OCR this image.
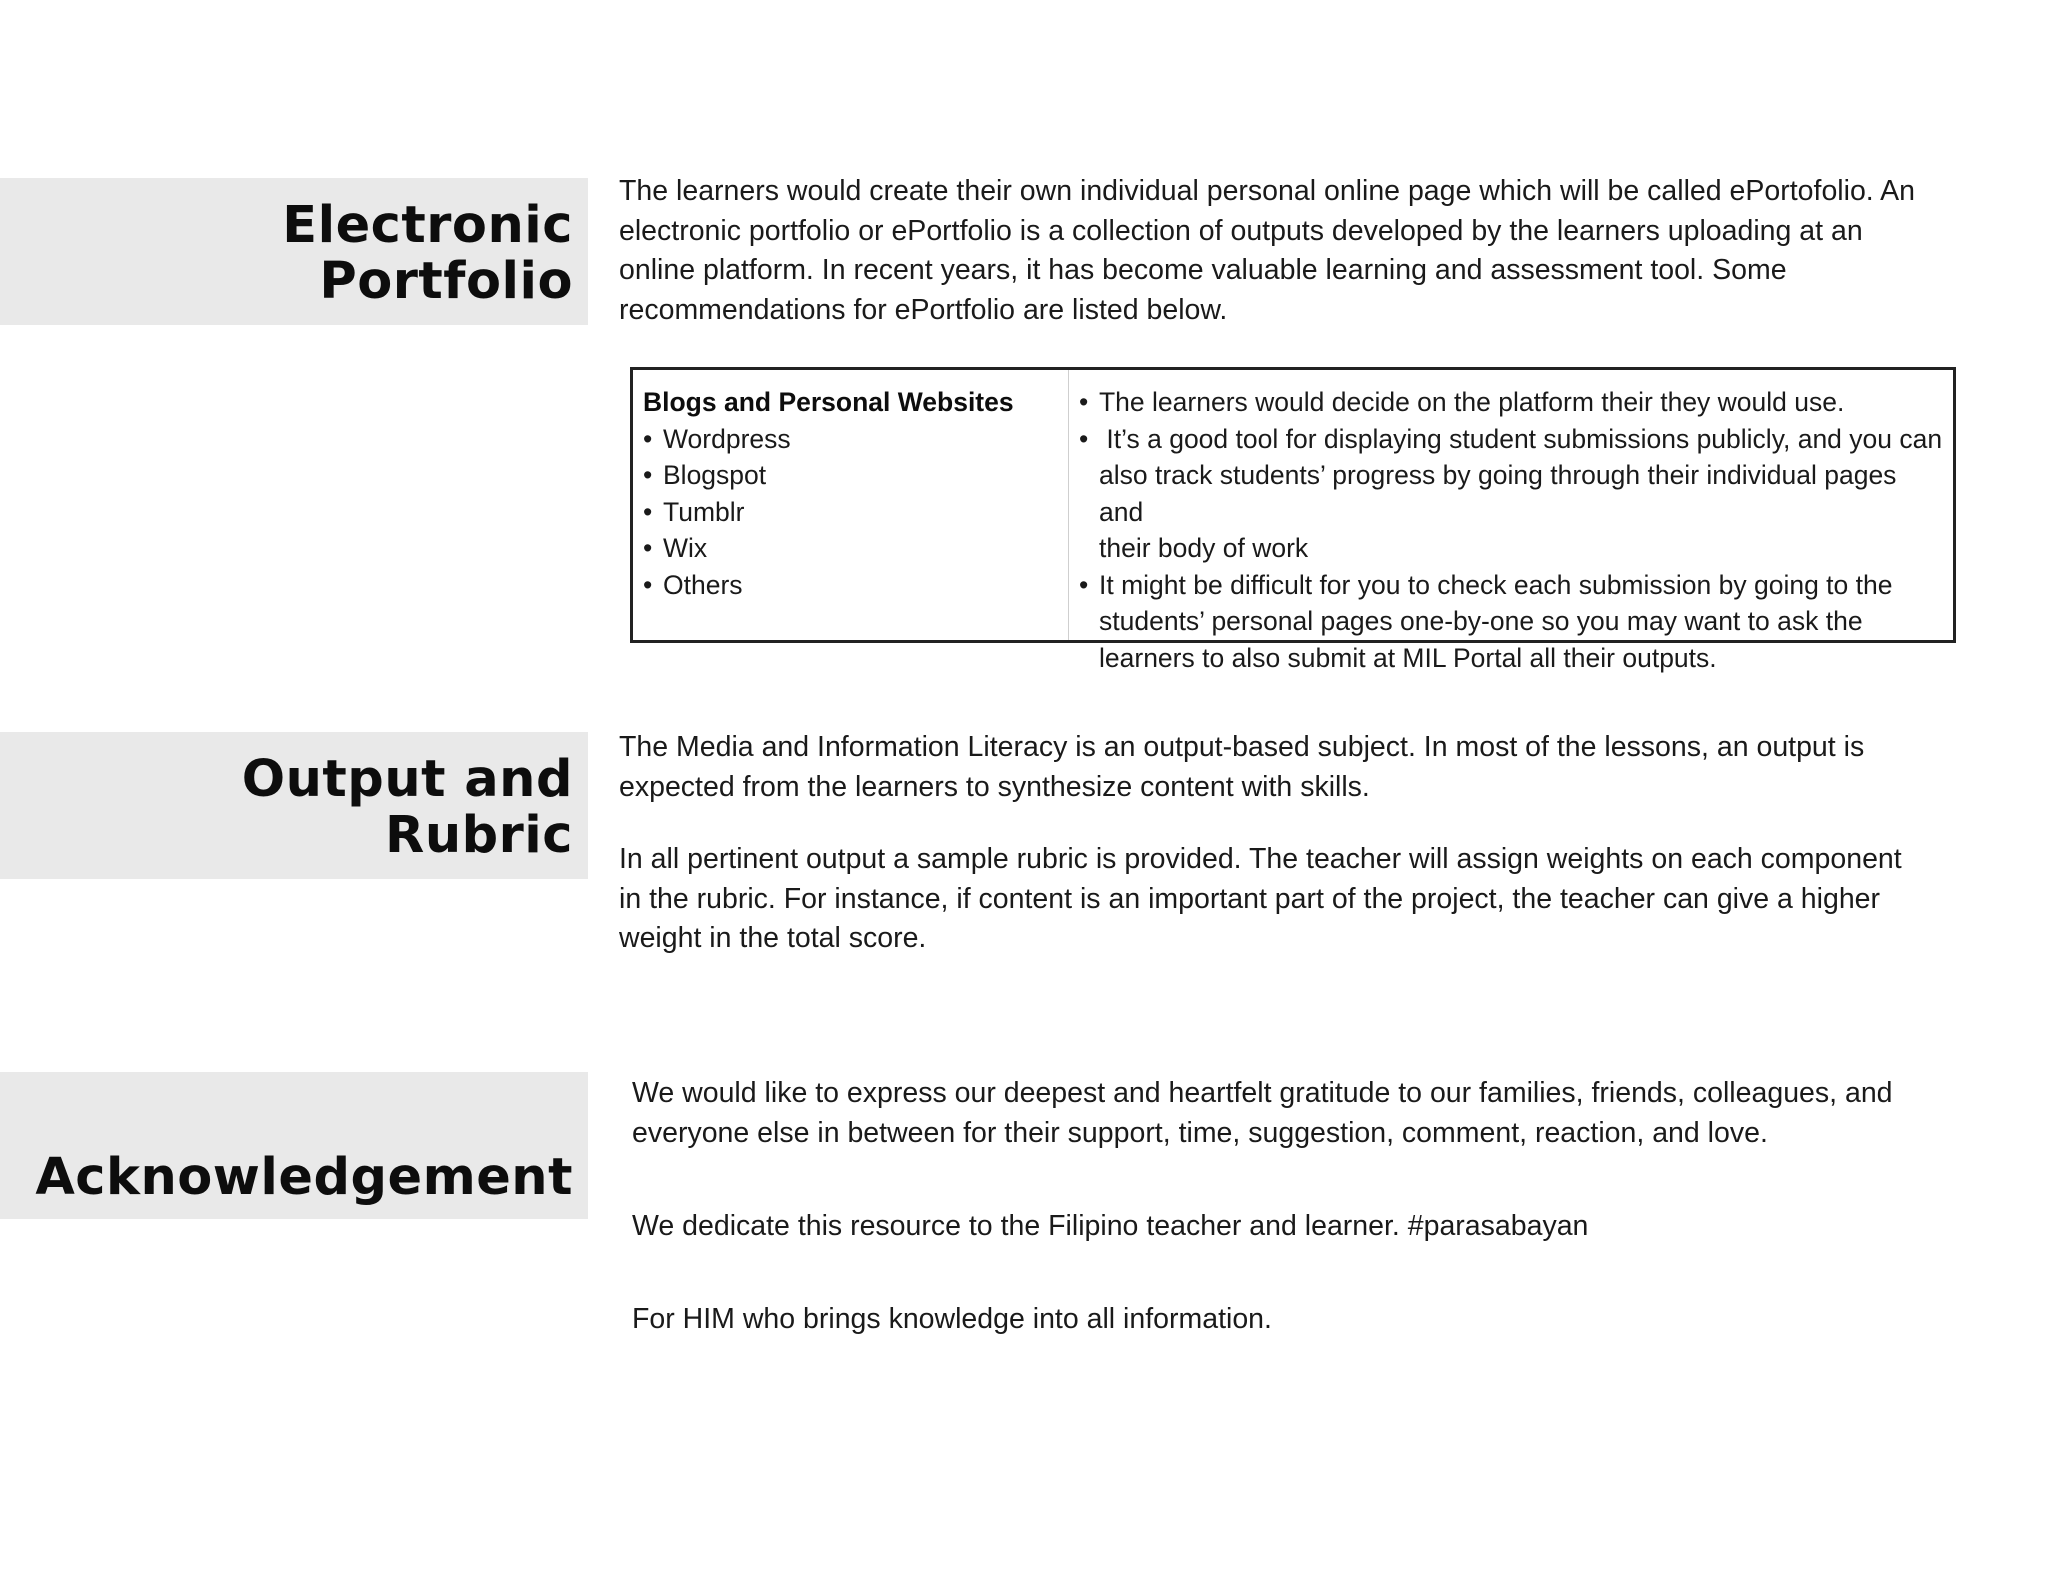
Electronic
Portfolio
The learners would create their own individual personal online page which will be called ePortofolio. An
electronic portfolio or ePortfolio is a collection of outputs developed by the learners uploading at an
online platform. In recent years, it has become valuable learning and assessment tool. Some
recommendations for ePortfolio are listed below.
Blogs and Personal Websites
• Wordpress
• Blogspot
• Tumblr
• Wix
• Others
• The learners would decide on the platform their they would use.
• It’s a good tool for displaying student submissions publicly, and you can
also track students’ progress by going through their individual pages and
their body of work
• It might be difficult for you to check each submission by going to the
students’ personal pages one-by-one so you may want to ask the
learners to also submit at MIL Portal all their outputs.
Output and
Rubric
The Media and Information Literacy is an output-based subject. In most of the lessons, an output is
expected from the learners to synthesize content with skills.
In all pertinent output a sample rubric is provided. The teacher will assign weights on each component
in the rubric. For instance, if content is an important part of the project, the teacher can give a higher
weight in the total score.
Acknowledgement
We would like to express our deepest and heartfelt gratitude to our families, friends, colleagues, and
everyone else in between for their support, time, suggestion, comment, reaction, and love.
We dedicate this resource to the Filipino teacher and learner. #parasabayan
For HIM who brings knowledge into all information.
